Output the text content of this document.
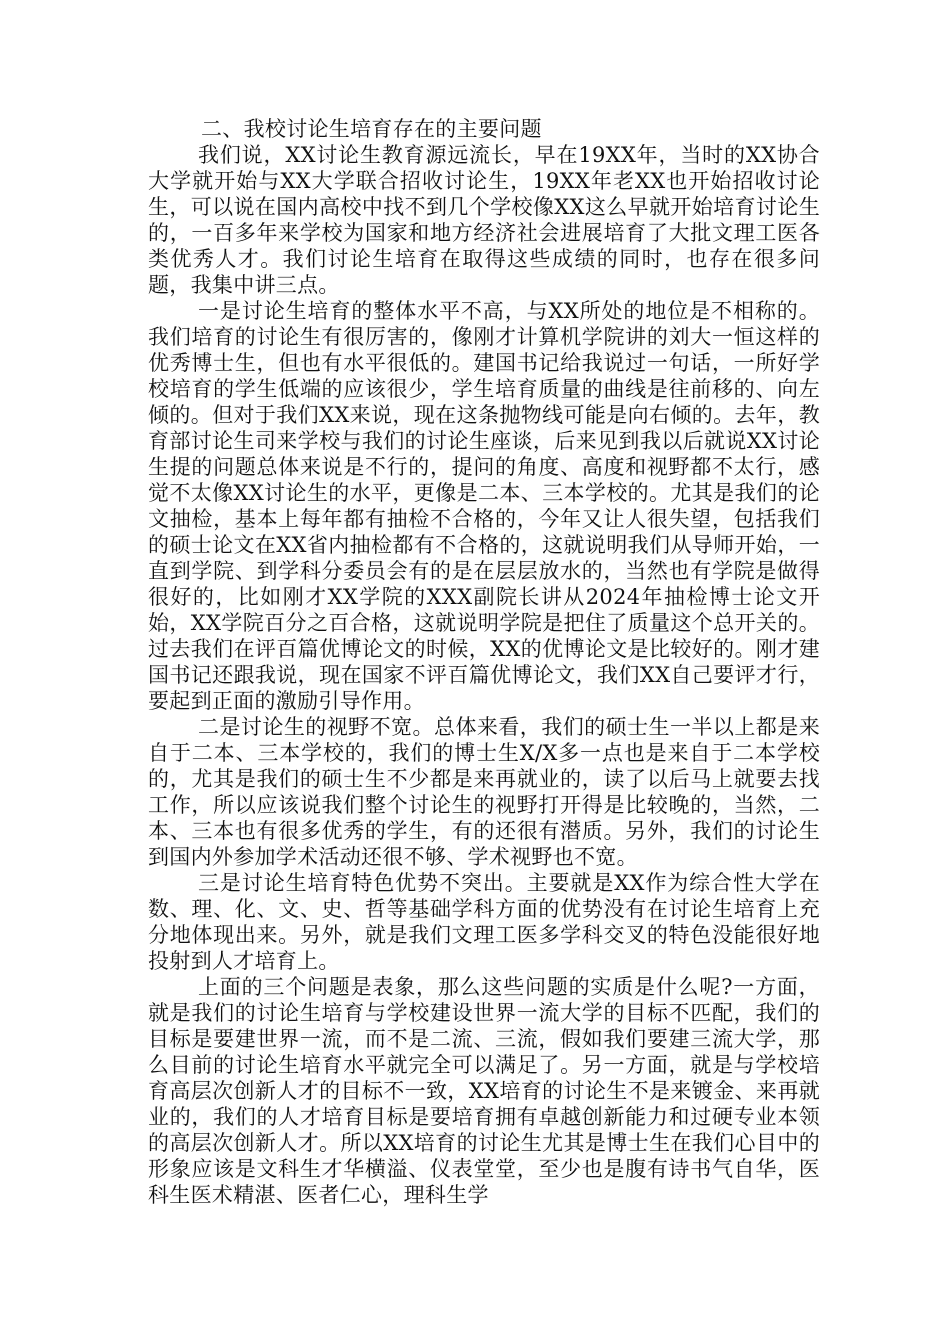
二、我校讨论生培育存在的主要问题

我们说，XX讨论生教育源远流长，早在19XX年，当时的XX协合大学就开始与XX大学联合招收讨论生，19XX年老XX也开始招收讨论生，可以说在国内高校中找不到几个学校像XX这么早就开始培育讨论生的，一百多年来学校为国家和地方经济社会进展培育了大批文理工医各类优秀人才。我们讨论生培育在取得这些成绩的同时，也存在很多问题，我集中讲三点。

一是讨论生培育的整体水平不高，与XX所处的地位是不相称的。我们培育的讨论生有很厉害的，像刚才计算机学院讲的刘大一恒这样的优秀博士生，但也有水平很低的。建国书记给我说过一句话，一所好学校培育的学生低端的应该很少，学生培育质量的曲线是往前移的、向左倾的。但对于我们XX来说，现在这条抛物线可能是向右倾的。去年，教育部讨论生司来学校与我们的讨论生座谈，后来见到我以后就说XX讨论生提的问题总体来说是不行的，提问的角度、高度和视野都不太行，感觉不太像XX讨论生的水平，更像是二本、三本学校的。尤其是我们的论文抽检，基本上每年都有抽检不合格的，今年又让人很失望，包括我们的硕士论文在XX省内抽检都有不合格的，这就说明我们从导师开始，一直到学院、到学科分委员会有的是在层层放水的，当然也有学院是做得很好的，比如刚才XX学院的XXX副院长讲从2024年抽检博士论文开始，XX学院百分之百合格，这就说明学院是把住了质量这个总开关的。过去我们在评百篇优博论文的时候，XX的优博论文是比较好的。刚才建国书记还跟我说，现在国家不评百篇优博论文，我们XX自己要评才行，要起到正面的激励引导作用。

二是讨论生的视野不宽。总体来看，我们的硕士生一半以上都是来自于二本、三本学校的，我们的博士生X/X多一点也是来自于二本学校的，尤其是我们的硕士生不少都是来再就业的，读了以后马上就要去找工作，所以应该说我们整个讨论生的视野打开得是比较晚的，当然，二本、三本也有很多优秀的学生，有的还很有潜质。另外，我们的讨论生到国内外参加学术活动还很不够、学术视野也不宽。

三是讨论生培育特色优势不突出。主要就是XX作为综合性大学在数、理、化、文、史、哲等基础学科方面的优势没有在讨论生培育上充分地体现出来。另外，就是我们文理工医多学科交叉的特色没能很好地投射到人才培育上。

上面的三个问题是表象，那么这些问题的实质是什么呢?一方面，就是我们的讨论生培育与学校建设世界一流大学的目标不匹配，我们的目标是要建世界一流，而不是二流、三流，假如我们要建三流大学，那么目前的讨论生培育水平就完全可以满足了。另一方面，就是与学校培育高层次创新人才的目标不一致，XX培育的讨论生不是来镀金、来再就业的，我们的人才培育目标是要培育拥有卓越创新能力和过硬专业本领的高层次创新人才。所以XX培育的讨论生尤其是博士生在我们心目中的形象应该是文科生才华横溢、仪表堂堂，至少也是腹有诗书气自华，医科生医术精湛、医者仁心，理科生学
